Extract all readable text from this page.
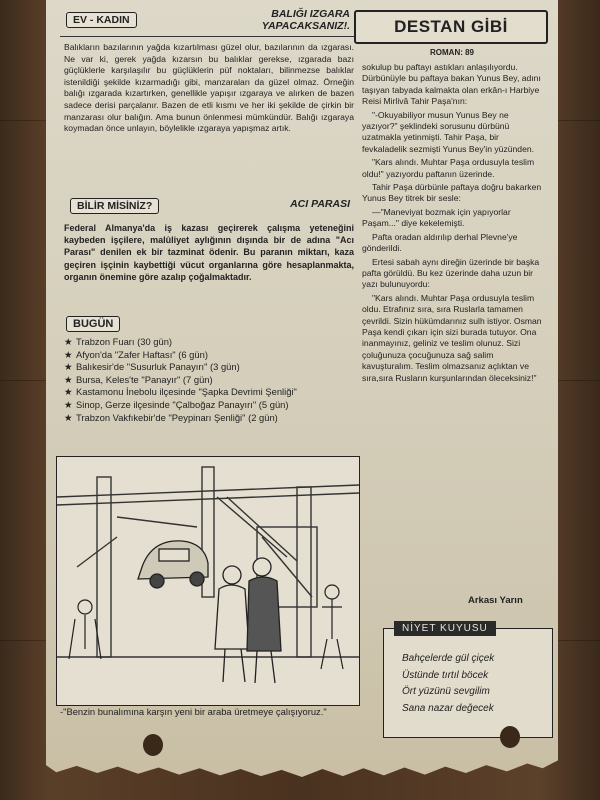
EV - KADIN	BALIĞI IZGARA YAPACAKSANIZ!.

Balıkların bazılarının yağda kızartılması güzel olur, bazılarının da ızgarası. Ne var ki, gerek yağda kızarsın bu balıklar gerekse, ızgarada bazı güçlüklerle karşılaşılır bu güçlüklerin püf noktaları, bilinmezse balıklar istenildiği şekilde kızarmadığı gibi, manzaraları da güzel olmaz. Örneğin balığı ızgarada kızartırken, genellikle yapışır ızgaraya ve alırken de bazen sadece derisi parçalanır. Bazen de etli kısmı ve her iki şekilde de çirkin bir manzarası olur balığın. Ama bunun önlenmesi mümkündür. Balığı ızgaraya koymadan önce unlayın, böylelikle ızgaraya yapışmaz artık.

BİLİR MİSİNİZ?	ACI PARASI

Federal Almanya'da iş kazası geçirerek çalışma yeteneğini kaybeden işçilere, malûliyet aylığının dışında bir de adına "Acı Parası" denilen ek bir tazminat ödenir. Bu paranın miktarı, kaza geçiren işçinin kaybettiği vücut organlarına göre hesaplanmakta, organın önemine göre azalıp çoğalmaktadır.

BUGÜN
★ Trabzon Fuarı (30 gün)
★ Afyon'da "Zafer Haftası" (6 gün)
★ Balıkesir'de "Susurluk Panayırı" (3 gün)
★ Bursa, Keles'te "Panayır" (7 gün)
★ Kastamonu İnebolu ilçesinde "Şapka Devrimi Şenliği"
★ Sinop, Gerze ilçesinde "Çalboğaz Panayırı" (5 gün)
★ Trabzon Vakfıkebir'de "Peypinarı Şenliği" (2 gün)
-"Benzin bunalımına karşın yeni bir araba üretmeye çalışıyoruz."
DESTAN GİBİ
ROMAN: 89

sokulup bu paftayı astıkları anlaşılıyordu. Dürbünüyle bu paftaya bakan Yunus Bey, adını taşıyan tabyada kalmakta olan erkân-ı Harbiye Reisi Mirlivâ Tahir Paşa'nın:

"-Okuyabiliyor musun Yunus Bey ne yazıyor?" şeklindeki sorusunu dürbünü uzatmakla yetinmişti. Tahir Paşa, bir fevkaladelik sezmişti Yunus Bey'in yüzünden.

"Kars alındı. Muhtar Paşa ordusuyla teslim oldu!" yazıyordu paftanın üzerinde.

Tahir Paşa dürbünle paftaya doğru bakarken Yunus Bey titrek bir sesle:

—"Maneviyat bozmak için yapıyorlar Paşam..." diye kekelemişti.

Pafta oradan aldırılıp derhal Plevne'ye gönderildi.

Ertesi sabah aynı direğin üzerinde bir başka pafta görüldü. Bu kez üzerinde daha uzun bir yazı bulunuyordu:

"Kars alındı. Muhtar Paşa ordusuyla teslim oldu. Etrafınız sıra, sıra Ruslarla tamamen çevrildi. Sizin hükümdarınız sulh istiyor. Osman Paşa kendi çıkarı için sizi burada tutuyor. Ona inanmayınız, geliniz ve teslim olunuz. Sizi çoluğunuza çocuğunuza sağ salim kavuşturalım. Teslim olmazsanız açlıktan ve sıra,sıra Rusların kurşunlarından öleceksiniz!"

Arkası Yarın
NİYET KUYUSU
Bahçelerde gül çiçek
Üstünde tırtıl böcek
Ört yüzünü sevgilim
Sana nazar değecek
